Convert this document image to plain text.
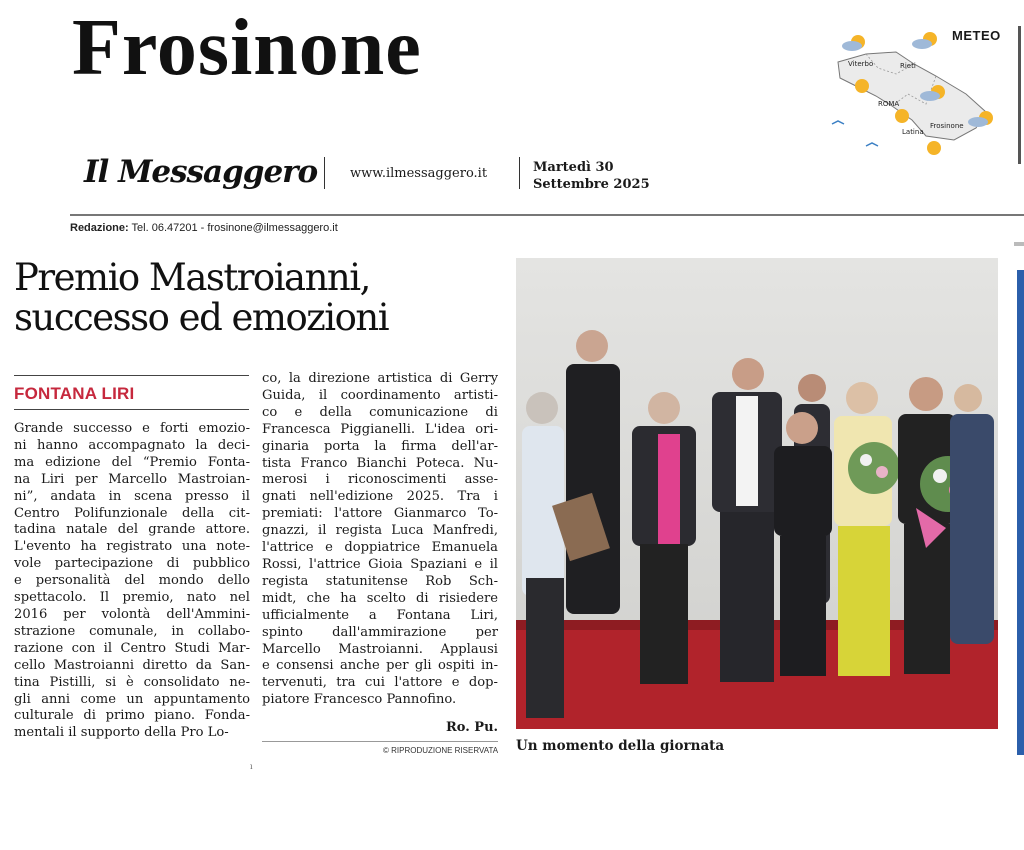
Frosinone	Viterbo	Rieti
ROMA
Latina
Frosinone
METEO
Il Messaggero	www.ilmessaggero.it	Martedì 30
Settembre 2025
Redazione: Tel. 06.47201 - frosinone@ilmessaggero.it
Premio Mastroianni,
successo ed emozioni
FONTANA LIRI
Grande successo e forti emozio-
ni hanno accompagnato la deci-
ma edizione del “Premio Fonta-
na Liri per Marcello Mastroian-
ni”, andata in scena presso il
Centro Polifunzionale della cit-
tadina natale del grande attore.
L'evento ha registrato una note-
vole partecipazione di pubblico
e personalità del mondo dello
spettacolo. Il premio, nato nel
2016 per volontà dell'Ammini-
strazione comunale, in collabo-
razione con il Centro Studi Mar-
cello Mastroianni diretto da San-
tina Pistilli, si è consolidato ne-
gli anni come un appuntamento
culturale di primo piano. Fonda-
mentali il supporto della Pro Lo-
co, la direzione artistica di Gerry
Guida, il coordinamento artisti-
co e della comunicazione di
Francesca Piggianelli. L'idea ori-
ginaria porta la firma dell'ar-
tista Franco Bianchi Poteca. Nu-
merosi i riconoscimenti asse-
gnati nell'edizione 2025. Tra i
premiati: l'attore Gianmarco To-
gnazzi, il regista Luca Manfredi,
l'attrice e doppiatrice Emanuela
Rossi, l'attrice Gioia Spaziani e il
regista statunitense Rob Sch-
midt, che ha scelto di risiedere
ufficialmente a Fontana Liri,
spinto dall'ammirazione per
Marcello Mastroianni. Applausi
e consensi anche per gli ospiti in-
tervenuti, tra cui l'attore e dop-
piatore Francesco Pannofino.
Ro. Pu.
© RIPRODUZIONE RISERVATA
ı
Un momento della giornata
